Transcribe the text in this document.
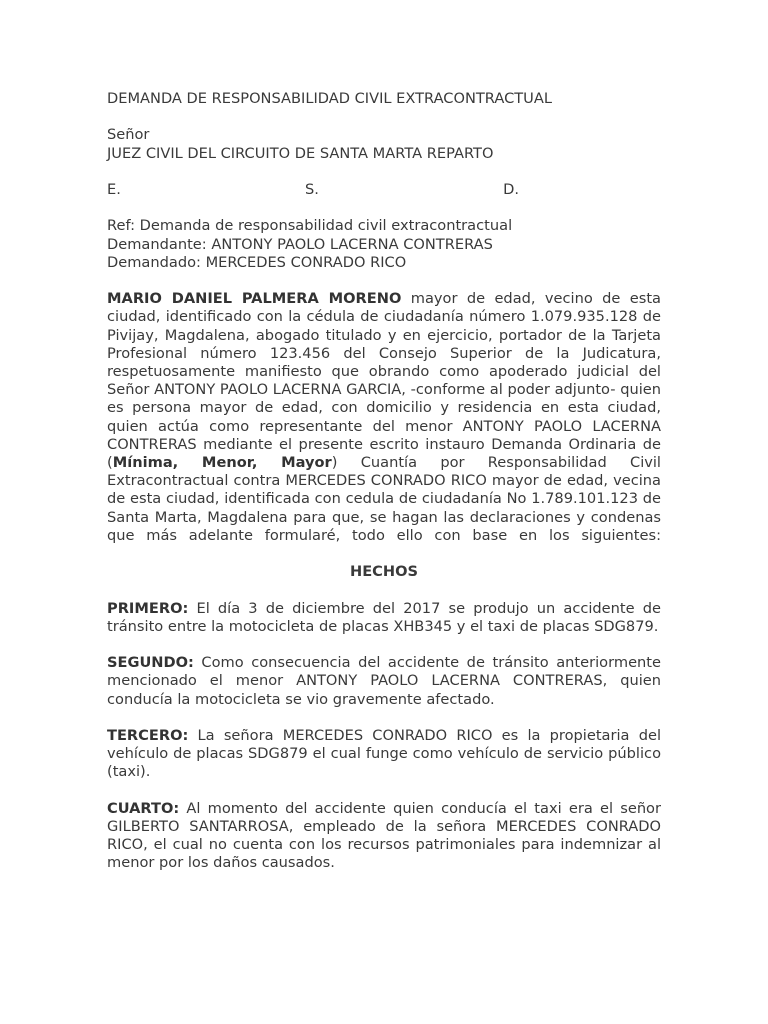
DEMANDA DE RESPONSABILIDAD CIVIL EXTRACONTRACTUAL
Señor
JUEZ CIVIL DEL CIRCUITO DE SANTA MARTA REPARTO
E.	S.	D.
Ref: Demanda de responsabilidad civil extracontractual
Demandante: ANTONY PAOLO LACERNA CONTRERAS
Demandado: MERCEDES CONRADO RICO

MARIO DANIEL PALMERA MORENO mayor de edad, vecino de esta ciudad, identificado con la cédula de ciudadanía número 1.079.935.128 de Pivijay, Magdalena, abogado titulado y en ejercicio, portador de la Tarjeta Profesional número 123.456 del Consejo Superior de la Judicatura, respetuosamente manifiesto que obrando como apoderado judicial del Señor ANTONY PAOLO LACERNA GARCIA, -conforme al poder adjunto- quien es persona mayor de edad, con domicilio y residencia en esta ciudad, quien actúa como representante del menor ANTONY PAOLO LACERNA CONTRERAS mediante el presente escrito instauro Demanda Ordinaria de (Mínima, Menor, Mayor) Cuantía por Responsabilidad Civil Extracontractual contra MERCEDES CONRADO RICO mayor de edad, vecina de esta ciudad, identificada con cedula de ciudadanía No 1.789.101.123 de Santa Marta, Magdalena para que, se hagan las declaraciones y condenas que más adelante formularé, todo ello con base en los siguientes:

HECHOS

PRIMERO: El día 3 de diciembre del 2017 se produjo un accidente de tránsito entre la motocicleta de placas XHB345 y el taxi de placas SDG879.

SEGUNDO: Como consecuencia del accidente de tránsito anteriormente mencionado el menor ANTONY PAOLO LACERNA CONTRERAS, quien conducía la motocicleta se vio gravemente afectado.

TERCERO: La señora MERCEDES CONRADO RICO es la propietaria del vehículo de placas SDG879 el cual funge como vehículo de servicio público (taxi).

CUARTO: Al momento del accidente quien conducía el taxi era el señor GILBERTO SANTARROSA, empleado de la señora MERCEDES CONRADO RICO, el cual no cuenta con los recursos patrimoniales para indemnizar al menor por los daños causados.
